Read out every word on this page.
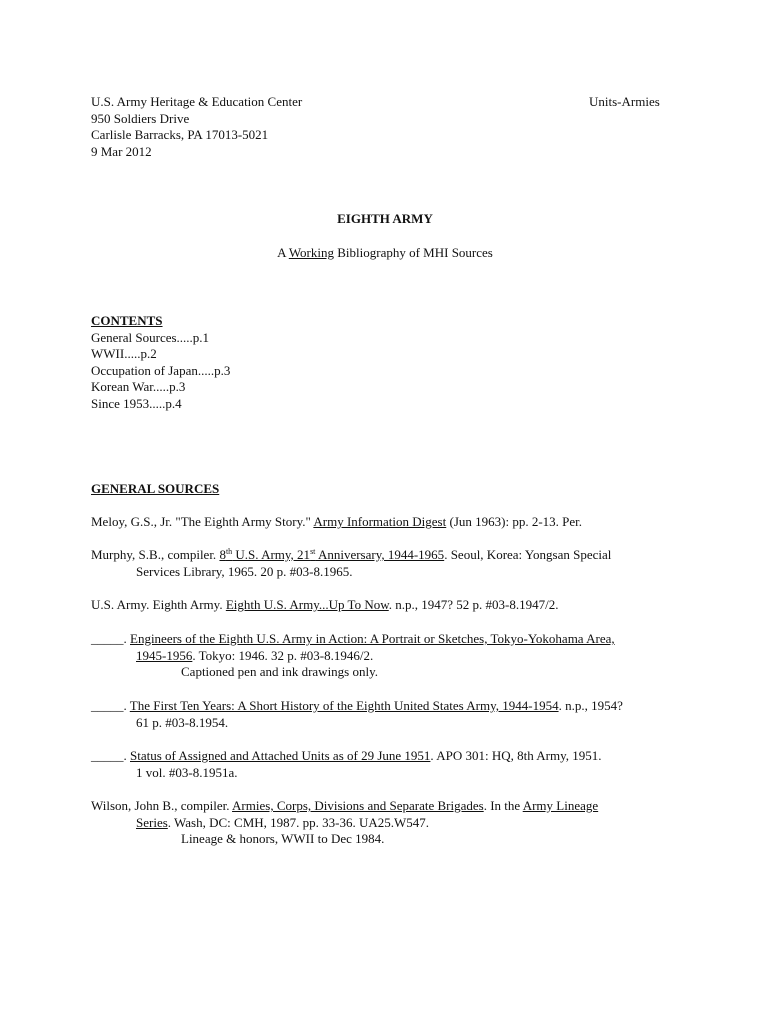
U.S. Army Heritage & Education Center
950 Soldiers Drive
Carlisle Barracks, PA 17013-5021
9 Mar 2012
Units-Armies
EIGHTH ARMY
A Working Bibliography of MHI Sources
CONTENTS
General Sources.....p.1
WWII.....p.2
Occupation of Japan.....p.3
Korean War.....p.3
Since 1953.....p.4
GENERAL SOURCES
Meloy, G.S., Jr. "The Eighth Army Story." Army Information Digest (Jun 1963): pp. 2-13. Per.
Murphy, S.B., compiler. 8th U.S. Army, 21st Anniversary, 1944-1965. Seoul, Korea: Yongsan Special
Services Library, 1965. 20 p. #03-8.1965.
U.S. Army. Eighth Army. Eighth U.S. Army...Up To Now. n.p., 1947? 52 p. #03-8.1947/2.
_____. Engineers of the Eighth U.S. Army in Action: A Portrait or Sketches, Tokyo-Yokohama Area,
1945-1956. Tokyo: 1946. 32 p. #03-8.1946/2.
Captioned pen and ink drawings only.
_____. The First Ten Years: A Short History of the Eighth United States Army, 1944-1954. n.p., 1954?
61 p. #03-8.1954.
_____. Status of Assigned and Attached Units as of 29 June 1951. APO 301: HQ, 8th Army, 1951.
1 vol. #03-8.1951a.
Wilson, John B., compiler. Armies, Corps, Divisions and Separate Brigades. In the Army Lineage
Series. Wash, DC: CMH, 1987. pp. 33-36. UA25.W547.
Lineage & honors, WWII to Dec 1984.
